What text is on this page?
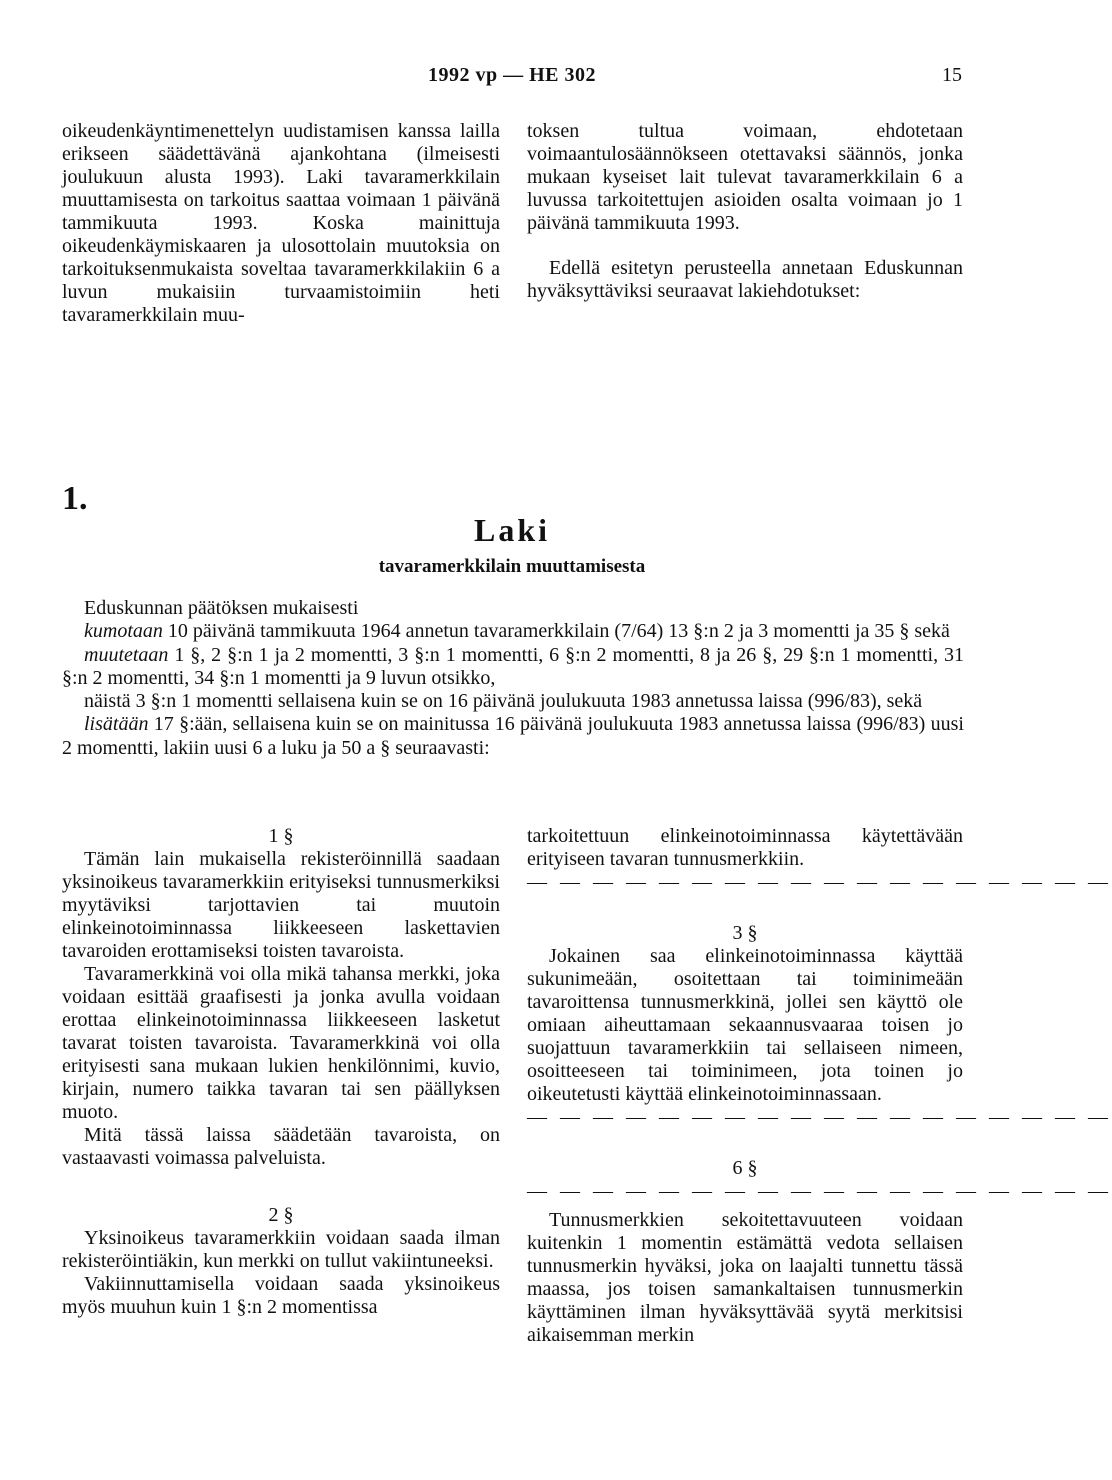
1992 vp — HE 302	15

oikeudenkäyntimenettelyn uudistamisen kanssa lailla erikseen säädettävänä ajankohtana (ilmeisesti joulukuun alusta 1993). Laki tavaramerkkilain muuttamisesta on tarkoitus saattaa voimaan 1 päivänä tammikuuta 1993. Koska mainittuja oikeudenkäymiskaaren ja ulosottolain muutoksia on tarkoituksenmukaista soveltaa tavaramerkkilakiin 6 a luvun mukaisiin turvaamistoimiin heti tavaramerkkilain muu-

toksen tultua voimaan, ehdotetaan voimaantulosäännökseen otettavaksi säännös, jonka mukaan kyseiset lait tulevat tavaramerkkilain 6 a luvussa tarkoitettujen asioiden osalta voimaan jo 1 päivänä tammikuuta 1993.

Edellä esitetyn perusteella annetaan Eduskunnan hyväksyttäviksi seuraavat lakiehdotukset:

1.
Laki
tavaramerkkilain muuttamisesta

Eduskunnan päätöksen mukaisesti

kumotaan 10 päivänä tammikuuta 1964 annetun tavaramerkkilain (7/64) 13 §:n 2 ja 3 momentti ja 35 § sekä

muutetaan 1 §, 2 §:n 1 ja 2 momentti, 3 §:n 1 momentti, 6 §:n 2 momentti, 8 ja 26 §, 29 §:n 1 momentti, 31 §:n 2 momentti, 34 §:n 1 momentti ja 9 luvun otsikko,

näistä 3 §:n 1 momentti sellaisena kuin se on 16 päivänä joulukuuta 1983 annetussa laissa (996/83), sekä

lisätään 17 §:ään, sellaisena kuin se on mainitussa 16 päivänä joulukuuta 1983 annetussa laissa (996/83) uusi 2 momentti, lakiin uusi 6 a luku ja 50 a § seuraavasti:

1 §

Tämän lain mukaisella rekisteröinnillä saadaan yksinoikeus tavaramerkkiin erityiseksi tunnusmerkiksi myytäviksi tarjottavien tai muutoin elinkeinotoiminnassa liikkeeseen laskettavien tavaroiden erottamiseksi toisten tavaroista.

Tavaramerkkinä voi olla mikä tahansa merkki, joka voidaan esittää graafisesti ja jonka avulla voidaan erottaa elinkeinotoiminnassa liikkeeseen lasketut tavarat toisten tavaroista. Tavaramerkkinä voi olla erityisesti sana mukaan lukien henkilönnimi, kuvio, kirjain, numero taikka tavaran tai sen päällyksen muoto.

Mitä tässä laissa säädetään tavaroista, on vastaavasti voimassa palveluista.

2 §

Yksinoikeus tavaramerkkiin voidaan saada ilman rekisteröintiäkin, kun merkki on tullut vakiintuneeksi.

Vakiinnuttamisella voidaan saada yksinoikeus myös muuhun kuin 1 §:n 2 momentissa

tarkoitettuun elinkeinotoiminnassa käytettävään erityiseen tavaran tunnusmerkkiin.

— — — — — — — — — — — — — — — — — —

3 §

Jokainen saa elinkeinotoiminnassa käyttää sukunimeään, osoitettaan tai toiminimeään tavaroittensa tunnusmerkkinä, jollei sen käyttö ole omiaan aiheuttamaan sekaannusvaaraa toisen jo suojattuun tavaramerkkiin tai sellaiseen nimeen, osoitteeseen tai toiminimeen, jota toinen jo oikeutetusti käyttää elinkeinotoiminnassaan.

— — — — — — — — — — — — — — — — — —

6 §

— — — — — — — — — — — — — — — — — —

Tunnusmerkkien sekoitettavuuteen voidaan kuitenkin 1 momentin estämättä vedota sellaisen tunnusmerkin hyväksi, joka on laajalti tunnettu tässä maassa, jos toisen samankaltaisen tunnusmerkin käyttäminen ilman hyväksyttävää syytä merkitsisi aikaisemman merkin
